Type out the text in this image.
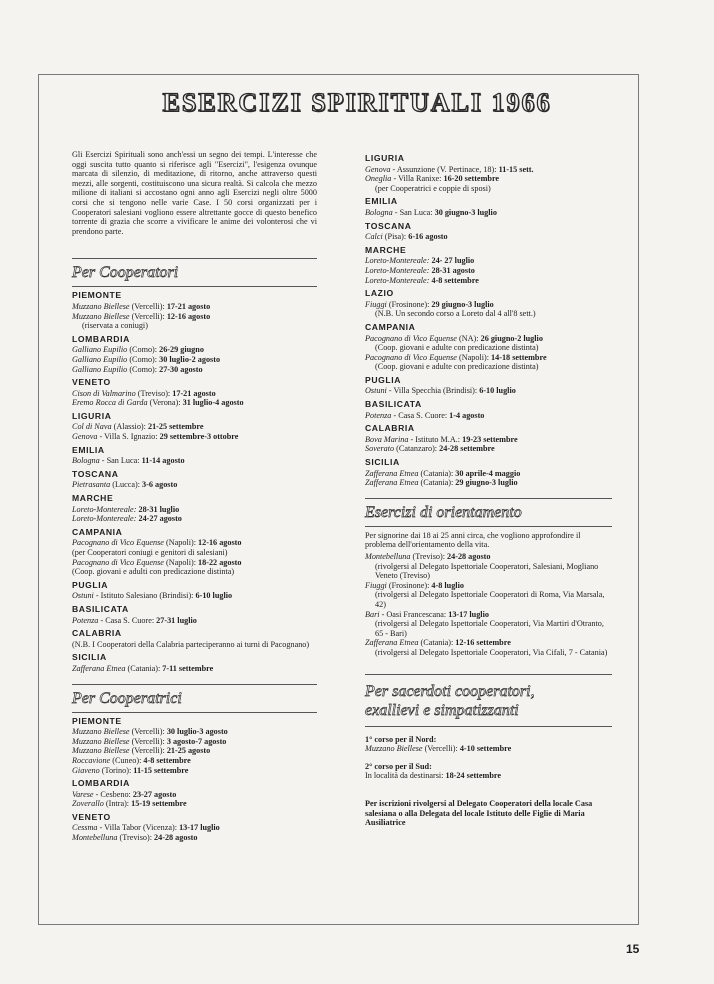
ESERCIZI SPIRITUALI 1966

Gli Esercizi Spirituali sono anch'essi un segno dei tempi. L'interesse che oggi suscita tutto quanto si riferisce agli "Esercizi", l'esigenza ovunque marcata di silenzio, di meditazione, di ritorno, anche attraverso questi mezzi, alle sorgenti, costituiscono una sicura realtà. Si calcola che mezzo milione di italiani si accostano ogni anno agli Esercizi negli oltre 5000 corsi che si tengono nelle varie Case. I 50 corsi organizzati per i Cooperatori salesiani vogliono essere altrettante gocce di questo benefico torrente di grazia che scorre a vivificare le anime dei volonterosi che vi prendono parte.

Per Cooperatori
PIEMONTE

Muzzano Biellese (Vercelli): 17-21 agosto

Muzzano Biellese (Vercelli): 12-16 agosto

(riservata a coniugi)

LOMBARDIA

Galliano Eupilio (Como): 26-29 giugno

Galliano Eupilio (Como): 30 luglio-2 agosto

Galliano Eupilio (Como): 27-30 agosto

VENETO

Cison di Valmarino (Treviso): 17-21 agosto

Eremo Rocca di Garda (Verona): 31 luglio-4 agosto

LIGURIA

Col di Nava (Alassio): 21-25 settembre

Genova - Villa S. Ignazio: 29 settembre-3 ottobre

EMILIA

Bologna - San Luca: 11-14 agosto

TOSCANA

Pietrasanta (Lucca): 3-6 agosto

MARCHE

Loreto-Montereale: 28-31 luglio

Loreto-Montereale: 24-27 agosto

CAMPANIA

Pacognano di Vico Equense (Napoli): 12-16 agosto

(per Cooperatori coniugi e genitori di salesiani)

Pacognano di Vico Equense (Napoli): 18-22 agosto

(Coop. giovani e adulti con predicazione distinta)

PUGLIA

Ostuni - Istituto Salesiano (Brindisi): 6-10 luglio

BASILICATA

Potenza - Casa S. Cuore: 27-31 luglio

CALABRIA

(N.B. I Cooperatori della Calabria parteciperanno ai turni di Pacognano)

SICILIA

Zafferana Etnea (Catania): 7-11 settembre

Per Cooperatrici
PIEMONTE

Muzzano Biellese (Vercelli): 30 luglio-3 agosto

Muzzano Biellese (Vercelli): 3 agosto-7 agosto

Muzzano Biellese (Vercelli): 21-25 agosto

Roccavione (Cuneo): 4-8 settembre

Giaveno (Torino): 11-15 settembre

LOMBARDIA

Varese - Cesbeno: 23-27 agosto

Zoverallo (Intra): 15-19 settembre

VENETO

Cessma - Villa Tabor (Vicenza): 13-17 luglio

Montebelluna (Treviso): 24-28 agosto

LIGURIA

Genova - Assunzione (V. Pertinace, 18): 11-15 sett.

Oneglia - Villa Ranixe: 16-20 settembre

(per Cooperatrici e coppie di sposi)

EMILIA

Bologna - San Luca: 30 giugno-3 luglio

TOSCANA

Calci (Pisa): 6-16 agosto

MARCHE

Loreto-Montereale: 24- 27 luglio

Loreto-Montereale: 28-31 agosto

Loreto-Montereale: 4-8 settembre

LAZIO

Fiuggi (Frosinone): 29 giugno-3 luglio

(N.B. Un secondo corso a Loreto dal 4 all'8 sett.)

CAMPANIA

Pacognano di Vico Equense (NA): 26 giugno-2 luglio

(Coop. giovani e adulte con predicazione distinta)

Pacognano di Vico Equense (Napoli): 14-18 settembre

(Coop. giovani e adulte con predicazione distinta)

PUGLIA

Ostuni - Villa Specchia (Brindisi): 6-10 luglio

BASILICATA

Potenza - Casa S. Cuore: 1-4 agosto

CALABRIA

Bova Marina - Istituto M.A.: 19-23 settembre

Soverato (Catanzaro): 24-28 settembre

SICILIA

Zafferana Etnea (Catania): 30 aprile-4 maggio

Zafferana Etnea (Catania): 29 giugno-3 luglio

Esercizi di orientamento

Per signorine dai 18 ai 25 anni circa, che vogliono approfondire il problema dell'orientamento della vita.

Montebelluna (Treviso): 24-28 agosto

(rivolgersi al Delegato Ispettoriale Cooperatori, Salesiani, Mogliano Veneto (Treviso)

Fiuggi (Frosinone): 4-8 luglio

(rivolgersi al Delegato Ispettoriale Cooperatori di Roma, Via Marsala, 42)

Bari - Oasi Francescana: 13-17 luglio

(rivolgersi al Delegato Ispettoriale Cooperatori, Via Martiri d'Otranto, 65 - Bari)

Zafferana Etnea (Catania): 12-16 settembre

(rivolgersi al Delegato Ispettoriale Cooperatori, Via Cifali, 7 - Catania)

Per sacerdoti cooperatori,
exallievi e simpatizzanti

1° corso per il Nord:

Muzzano Biellese (Vercelli): 4-10 settembre

2° corso per il Sud:

In località da destinarsi: 18-24 settembre

Per iscrizioni rivolgersi al Delegato Cooperatori della locale Casa salesiana o alla Delegata del locale Istituto delle Figlie di Maria Ausiliatrice

15
